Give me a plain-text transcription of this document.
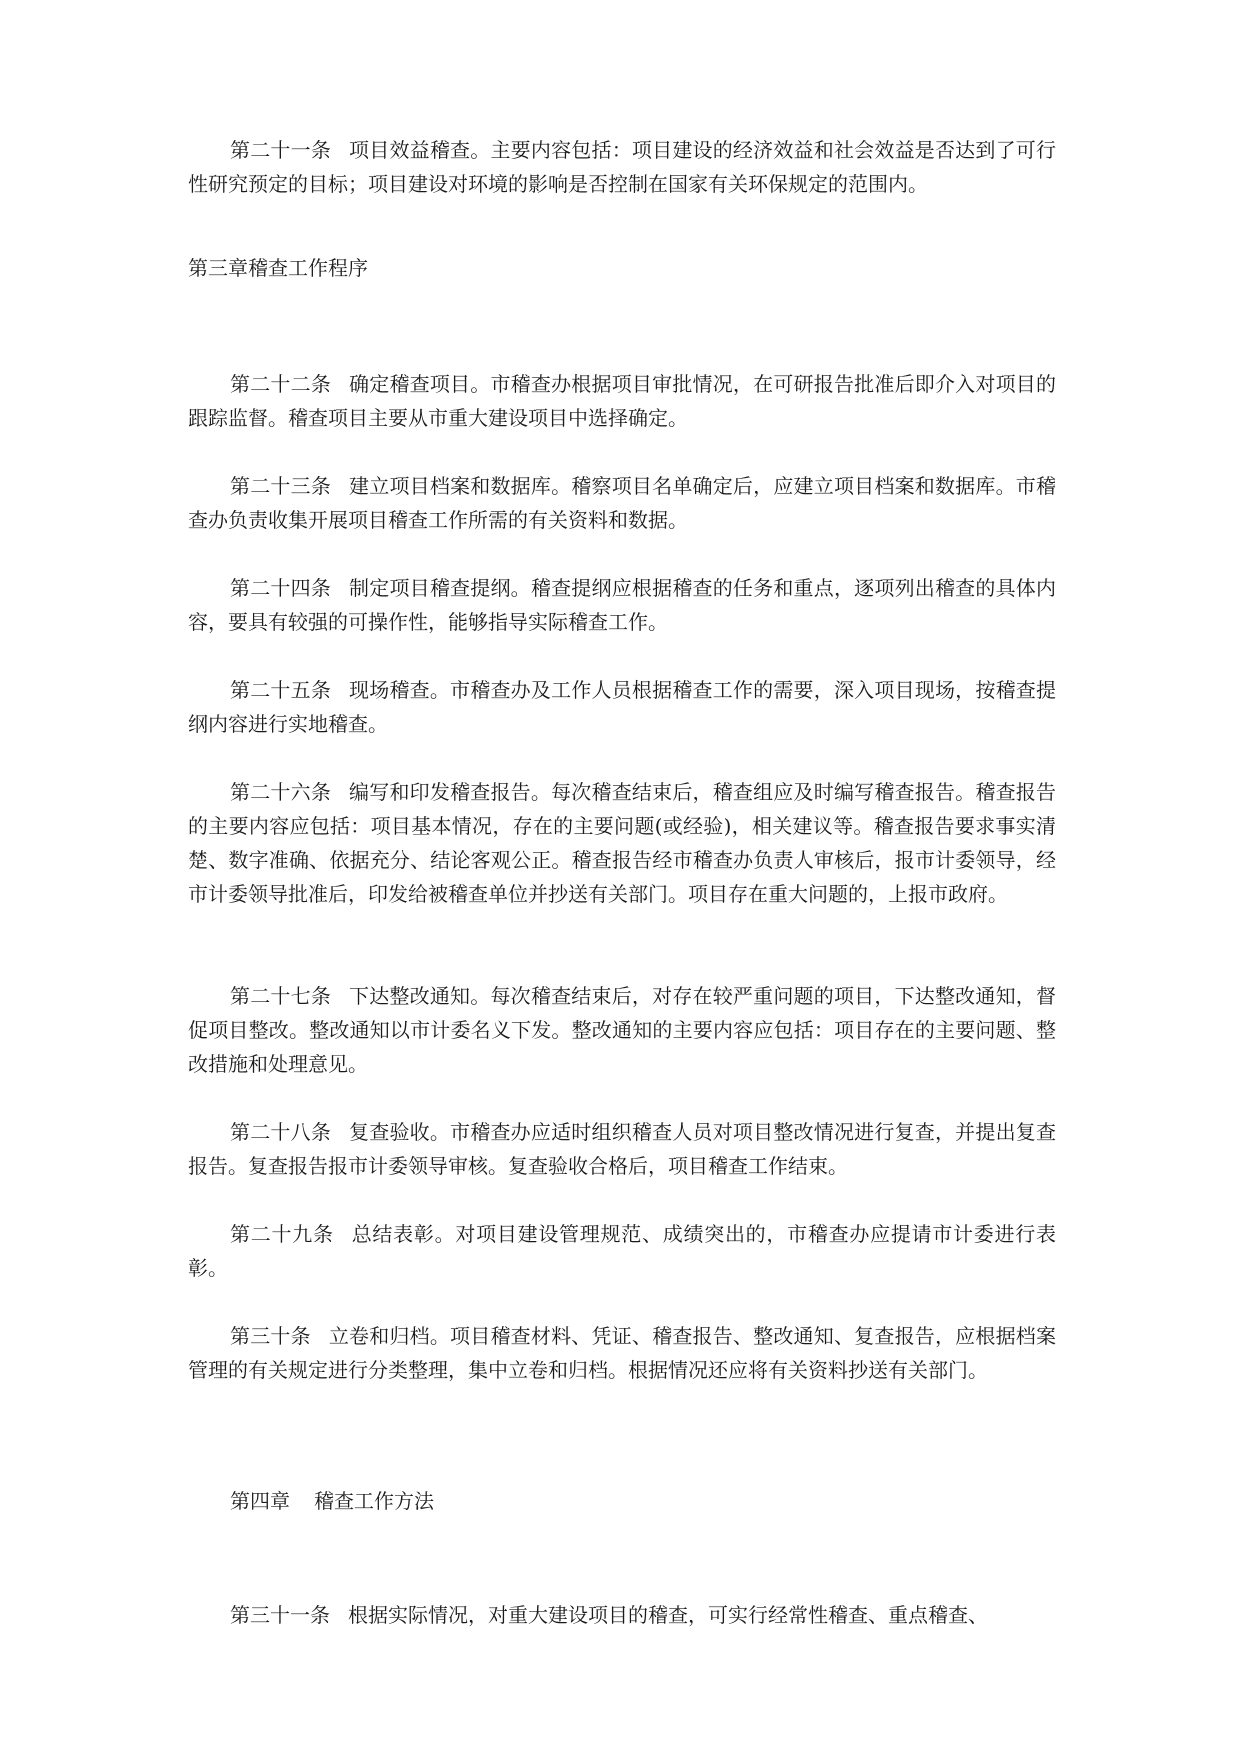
第二十一条 项目效益稽查。主要内容包括：项目建设的经济效益和社会效益是否达到了可行性研究预定的目标；项目建设对环境的影响是否控制在国家有关环保规定的范围内。

第三章稽查工作程序

第二十二条 确定稽查项目。市稽查办根据项目审批情况，在可研报告批准后即介入对项目的跟踪监督。稽查项目主要从市重大建设项目中选择确定。

第二十三条 建立项目档案和数据库。稽察项目名单确定后，应建立项目档案和数据库。市稽查办负责收集开展项目稽查工作所需的有关资料和数据。

第二十四条 制定项目稽查提纲。稽查提纲应根据稽查的任务和重点，逐项列出稽查的具体内容，要具有较强的可操作性，能够指导实际稽查工作。

第二十五条 现场稽查。市稽查办及工作人员根据稽查工作的需要，深入项目现场，按稽查提纲内容进行实地稽查。

第二十六条 编写和印发稽查报告。每次稽查结束后，稽查组应及时编写稽查报告。稽查报告的主要内容应包括：项目基本情况，存在的主要问题(或经验)，相关建议等。稽查报告要求事实清楚、数字准确、依据充分、结论客观公正。稽查报告经市稽查办负责人审核后，报市计委领导，经市计委领导批准后，印发给被稽查单位并抄送有关部门。项目存在重大问题的，上报市政府。

第二十七条 下达整改通知。每次稽查结束后，对存在较严重问题的项目，下达整改通知，督促项目整改。整改通知以市计委名义下发。整改通知的主要内容应包括：项目存在的主要问题、整改措施和处理意见。

第二十八条 复查验收。市稽查办应适时组织稽查人员对项目整改情况进行复查，并提出复查报告。复查报告报市计委领导审核。复查验收合格后，项目稽查工作结束。

第二十九条 总结表彰。对项目建设管理规范、成绩突出的，市稽查办应提请市计委进行表彰。

第三十条 立卷和归档。项目稽查材料、凭证、稽查报告、整改通知、复查报告，应根据档案管理的有关规定进行分类整理，集中立卷和归档。根据情况还应将有关资料抄送有关部门。

第四章 稽查工作方法

第三十一条 根据实际情况，对重大建设项目的稽查，可实行经常性稽查、重点稽查、
